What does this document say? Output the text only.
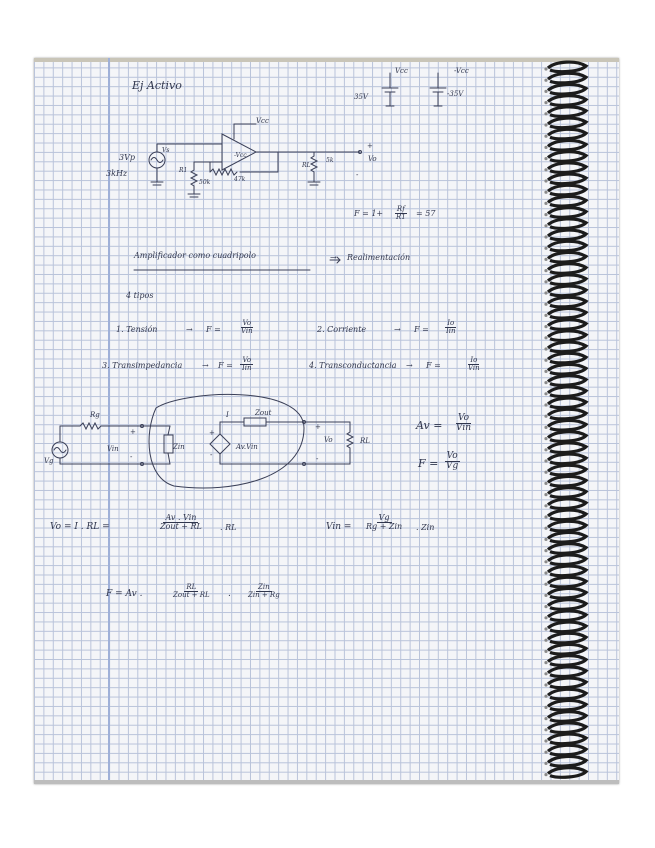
Ej Activo
Vcc	-Vcc
35V	-35V
3Vp
3kHz
Vs
Vcc
R1
50k
-Vcc
47k
RL
5k	Vo
+
-
$F = 1+ \frac{Rf}{R1} = 57$
Amplificador como cuadripolo	→ Realimentación
4 tipos
1. Tensión	→ F =
Vo
Vin	2. Corriente	→ F =
Io
Iin
3. Transimpedancia → F =
Vo
Iin	4. Transconductancia → F =
Io
Vin
Rg
Vg
Vin
+
-
Zin
Zout
I
Av.Vin
+
-
Vo
+
-
RL
Av =
Vo
Vin
$F = \frac{Vo}{Vg}$
Vo = I . RL =
Av . Vin
Zout + RL . RL	Vin =
Vg
Rg + Zin . Zin
F = Av .
RL
Zout + RL .
Zin
Zin + Rg
